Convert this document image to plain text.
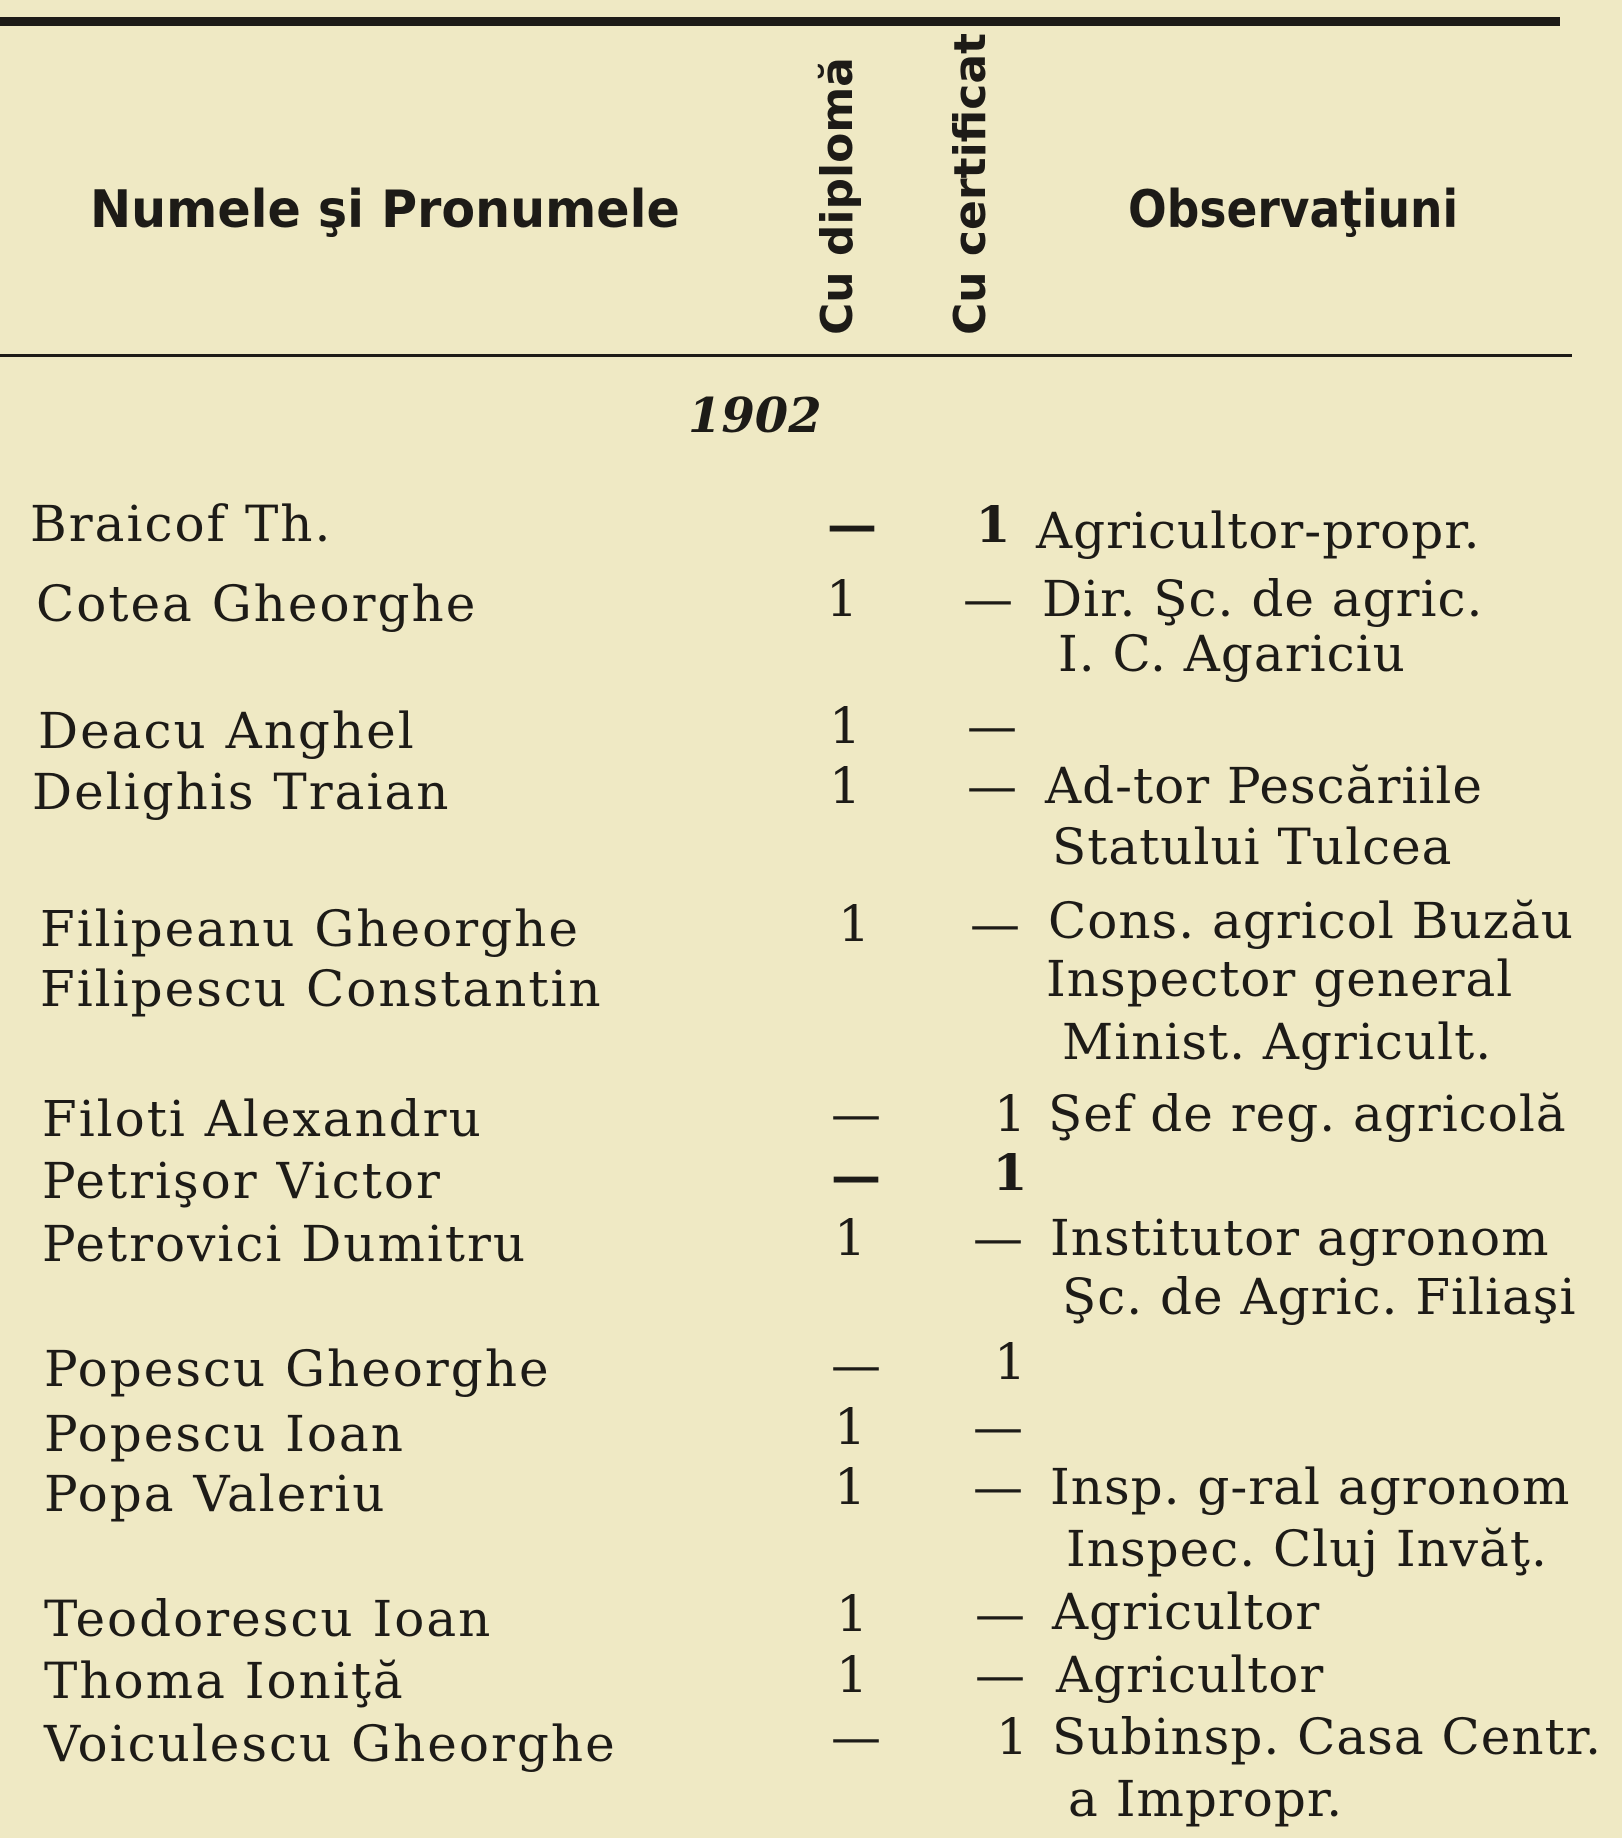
Numele şi Pronumele	Cu diplomă Cu certificat	Observaţiuni
1902
Braicof Th.	— 1 Agricultor-propr.
Cotea Gheorghe	1 — Dir. Şc. de agric.
I. C. Agariciu
Deacu Anghel	1 —
Delighis Traian	1 — Ad-tor Pescăriile
Statului Tulcea
Filipeanu Gheorghe	1 — Cons. agricol Buzău
Filipescu Constantin	Inspector general
Minist. Agricult.
Filoti Alexandru	— 1 Şef de reg. agricolă
Petrişor Victor	— 1
Petrovici Dumitru	1 — Institutor agronom
Şc. de Agric. Filiaşi
Popescu Gheorghe	— 1
Popescu Ioan	1 —
Popa Valeriu	1 — Insp. g-ral agronom
Inspec. Cluj Invăţ.
Teodorescu Ioan	1 — Agricultor
Thoma Ioniţă	1 — Agricultor
Voiculescu Gheorghe	— 1 Subinsp. Casa Centr.
a Impropr.
